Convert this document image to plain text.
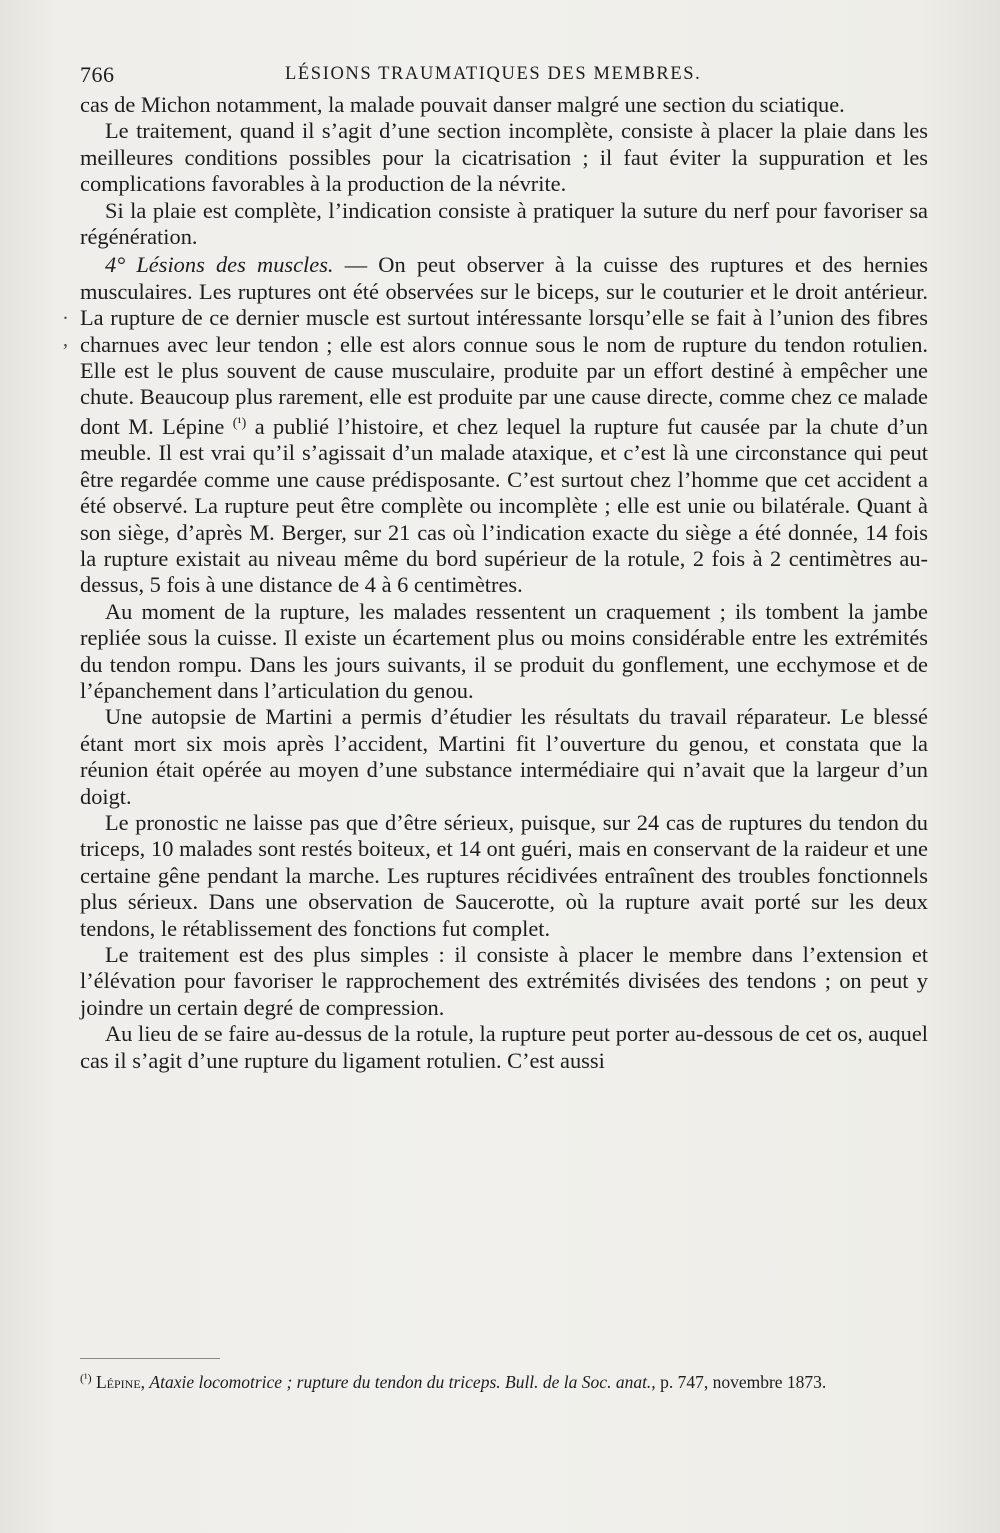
766	LÉSIONS TRAUMATIQUES DES MEMBRES.
.
,

cas de Michon notamment, la malade pouvait danser malgré une section du sciatique.

Le traitement, quand il s’agit d’une section incomplète, consiste à placer la plaie dans les meilleures conditions possibles pour la cicatrisation ; il faut éviter la suppuration et les complications favorables à la production de la névrite.

Si la plaie est complète, l’indication consiste à pratiquer la suture du nerf pour favoriser sa régénération.

4° Lésions des muscles. — On peut observer à la cuisse des ruptures et des hernies musculaires. Les ruptures ont été observées sur le biceps, sur le couturier et le droit antérieur. La rupture de ce dernier muscle est surtout intéressante lorsqu’elle se fait à l’union des fibres charnues avec leur tendon ; elle est alors connue sous le nom de rupture du tendon rotulien. Elle est le plus souvent de cause musculaire, produite par un effort destiné à empêcher une chute. Beaucoup plus rarement, elle est produite par une cause directe, comme chez ce malade dont M. Lépine $^{(^1)}$ a publié l’histoire, et chez lequel la rupture fut causée par la chute d’un meuble. Il est vrai qu’il s’agissait d’un malade ataxique, et c’est là une circonstance qui peut être regardée comme une cause prédisposante. C’est surtout chez l’homme que cet accident a été observé. La rupture peut être complète ou incomplète ; elle est unie ou bilatérale. Quant à son siège, d’après M. Berger, sur 21 cas où l’indication exacte du siège a été donnée, 14 fois la rupture existait au niveau même du bord supérieur de la rotule, 2 fois à 2 centimètres au-dessus, 5 fois à une distance de 4 à 6 centimètres.

Au moment de la rupture, les malades ressentent un craquement ; ils tombent la jambe repliée sous la cuisse. Il existe un écartement plus ou moins considérable entre les extrémités du tendon rompu. Dans les jours suivants, il se produit du gonflement, une ecchymose et de l’épanchement dans l’articulation du genou.

Une autopsie de Martini a permis d’étudier les résultats du travail réparateur. Le blessé étant mort six mois après l’accident, Martini fit l’ouverture du genou, et constata que la réunion était opérée au moyen d’une substance intermédiaire qui n’avait que la largeur d’un doigt.

Le pronostic ne laisse pas que d’être sérieux, puisque, sur 24 cas de ruptures du tendon du triceps, 10 malades sont restés boiteux, et 14 ont guéri, mais en conservant de la raideur et une certaine gêne pendant la marche. Les ruptures récidivées entraînent des troubles fonctionnels plus sérieux. Dans une observation de Saucerotte, où la rupture avait porté sur les deux tendons, le rétablissement des fonctions fut complet.

Le traitement est des plus simples : il consiste à placer le membre dans l’extension et l’élévation pour favoriser le rapprochement des extrémités divisées des tendons ; on peut y joindre un certain degré de compression.

Au lieu de se faire au-dessus de la rotule, la rupture peut porter au-dessous de cet os, auquel cas il s’agit d’une rupture du ligament rotulien. C’est aussi

$^{(^1)}$ Lépine, Ataxie locomotrice ; rupture du tendon du triceps. Bull. de la Soc. anat., p. 747, novembre 1873.
